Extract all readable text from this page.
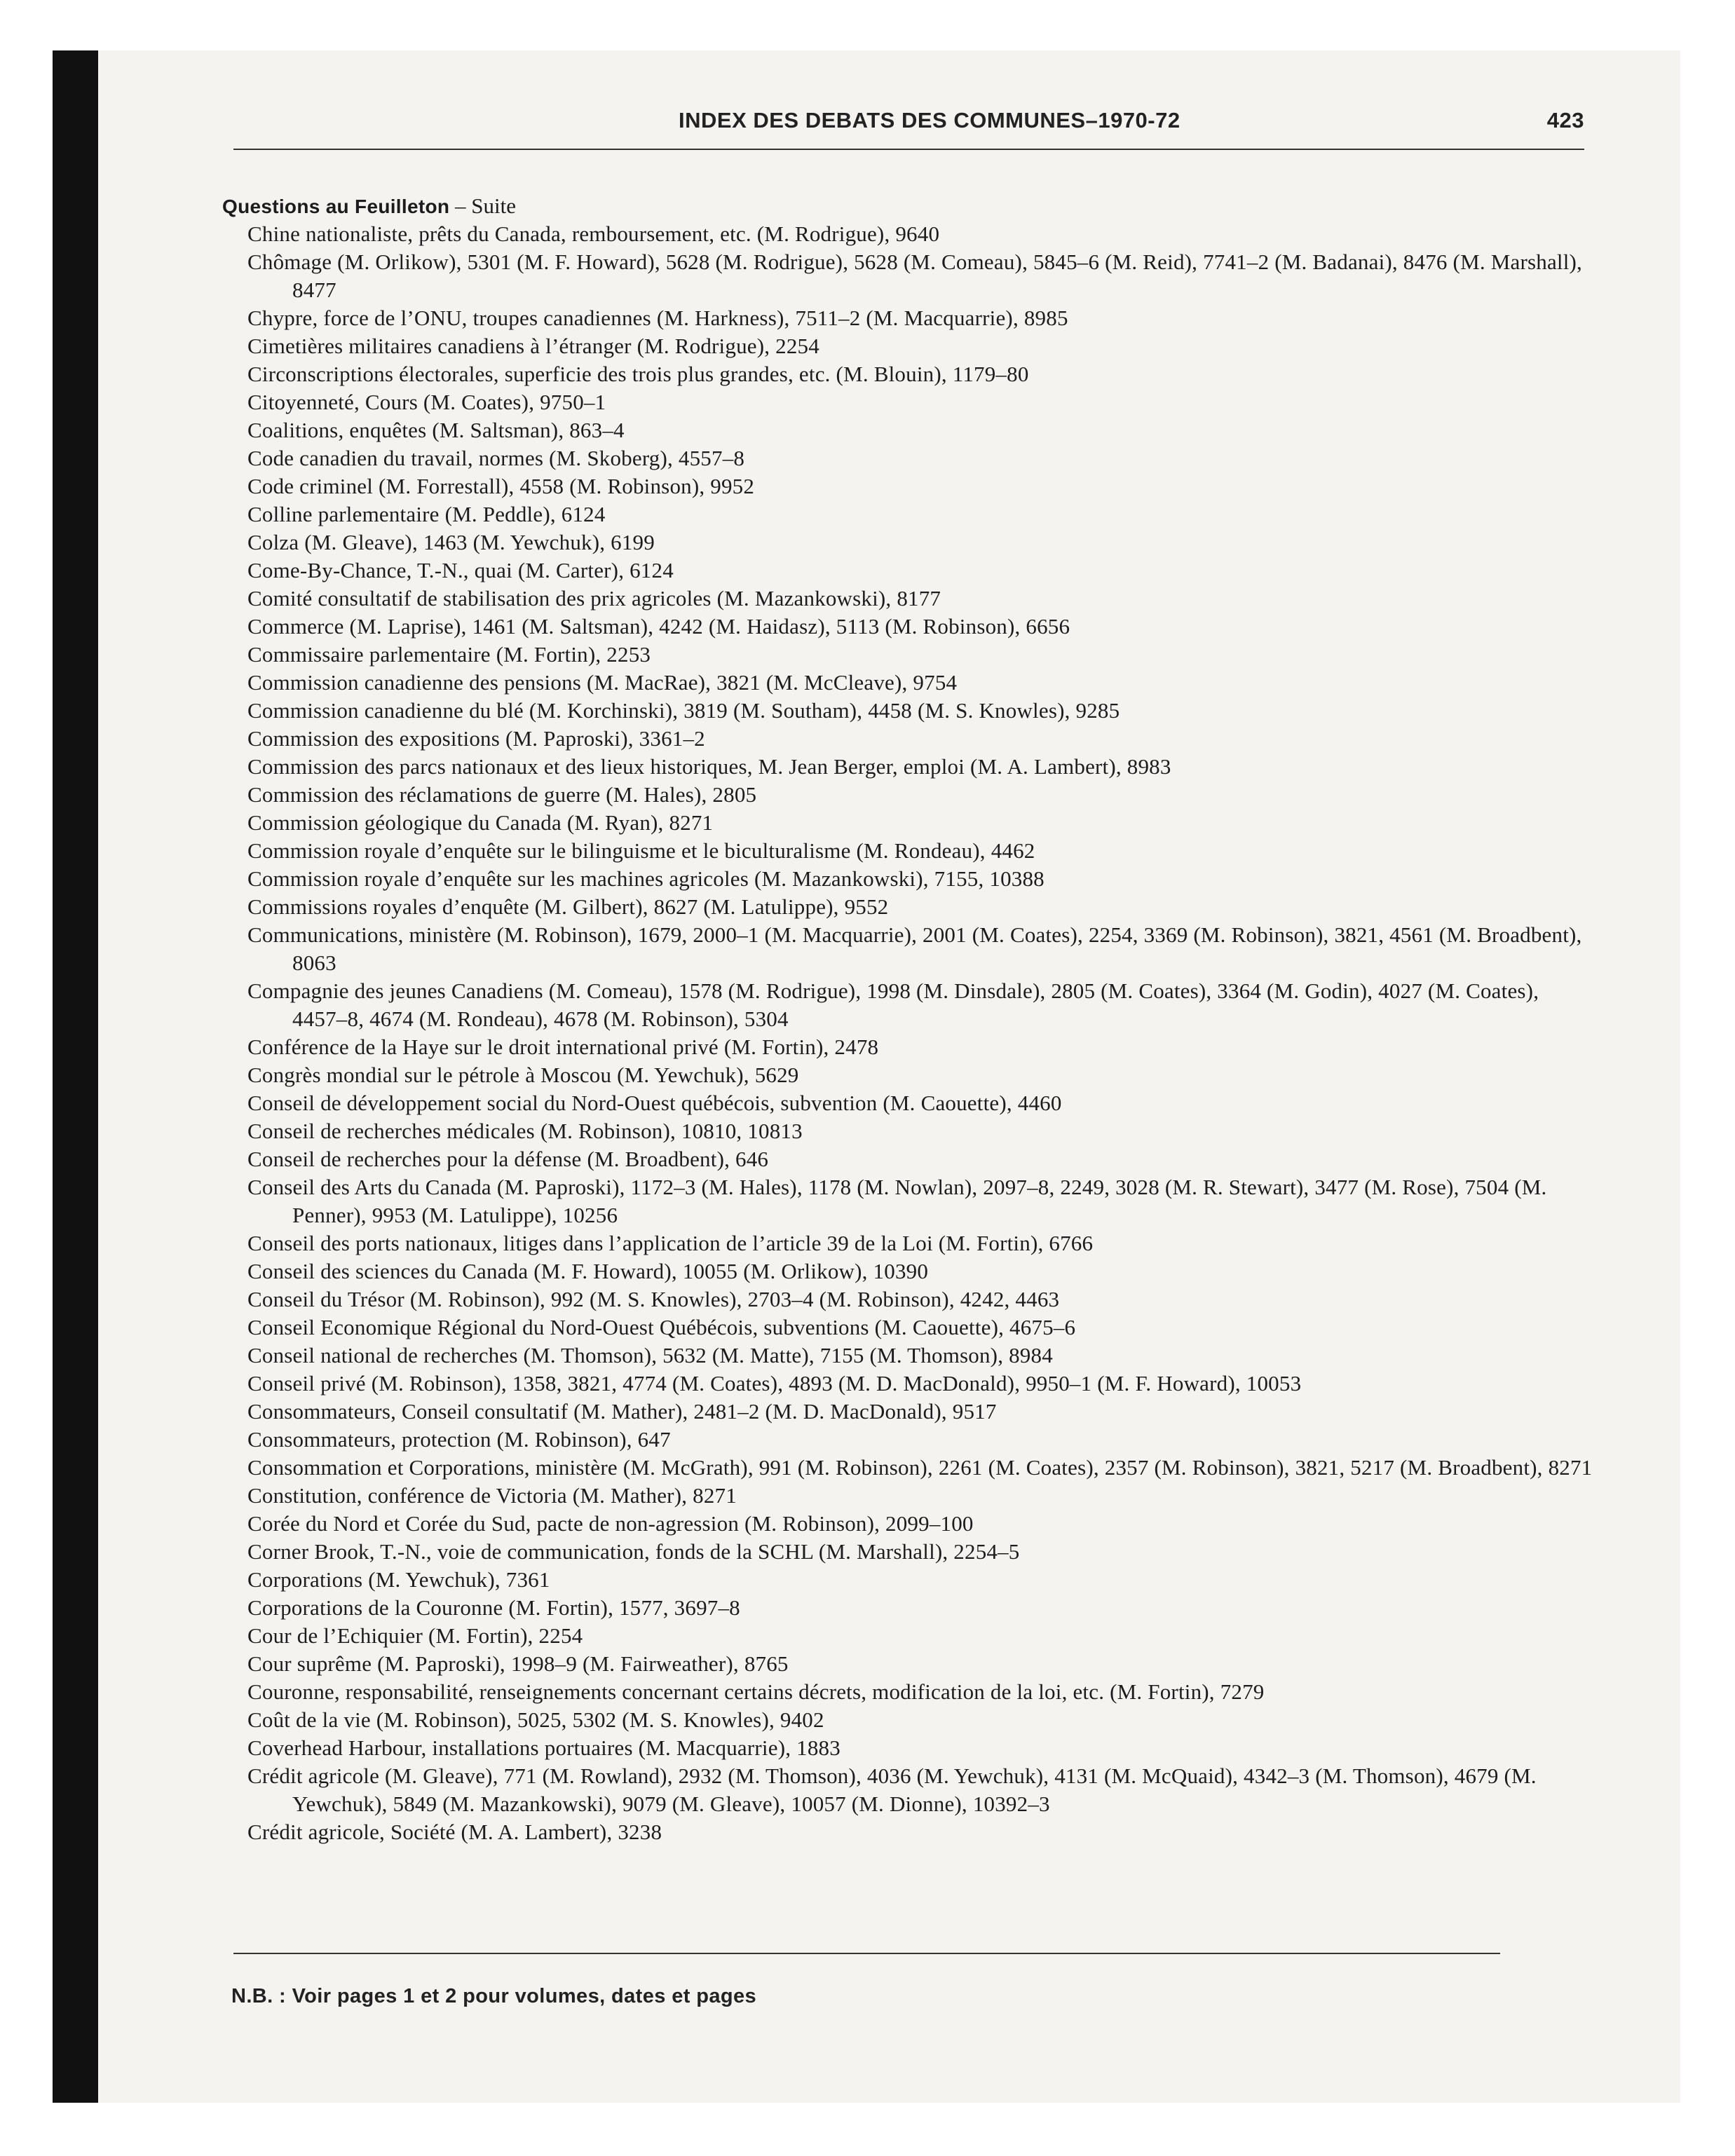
INDEX DES DEBATS DES COMMUNES–1970-72	423
Questions au Feuilleton – Suite
Chine nationaliste, prêts du Canada, remboursement, etc. (M. Rodrigue), 9640
Chômage (M. Orlikow), 5301 (M. F. Howard), 5628 (M. Rodrigue), 5628 (M. Comeau), 5845–6 (M. Reid), 7741–2 (M. Badanai), 8476 (M. Marshall), 8477
Chypre, force de l’ONU, troupes canadiennes (M. Harkness), 7511–2 (M. Macquarrie), 8985
Cimetières militaires canadiens à l’étranger (M. Rodrigue), 2254
Circonscriptions électorales, superficie des trois plus grandes, etc. (M. Blouin), 1179–80
Citoyenneté, Cours (M. Coates), 9750–1
Coalitions, enquêtes (M. Saltsman), 863–4
Code canadien du travail, normes (M. Skoberg), 4557–8
Code criminel (M. Forrestall), 4558 (M. Robinson), 9952
Colline parlementaire (M. Peddle), 6124
Colza (M. Gleave), 1463 (M. Yewchuk), 6199
Come-By-Chance, T.-N., quai (M. Carter), 6124
Comité consultatif de stabilisation des prix agricoles (M. Mazankowski), 8177
Commerce (M. Laprise), 1461 (M. Saltsman), 4242 (M. Haidasz), 5113 (M. Robinson), 6656
Commissaire parlementaire (M. Fortin), 2253
Commission canadienne des pensions (M. MacRae), 3821 (M. McCleave), 9754
Commission canadienne du blé (M. Korchinski), 3819 (M. Southam), 4458 (M. S. Knowles), 9285
Commission des expositions (M. Paproski), 3361–2
Commission des parcs nationaux et des lieux historiques, M. Jean Berger, emploi (M. A. Lambert), 8983
Commission des réclamations de guerre (M. Hales), 2805
Commission géologique du Canada (M. Ryan), 8271
Commission royale d’enquête sur le bilinguisme et le biculturalisme (M. Rondeau), 4462
Commission royale d’enquête sur les machines agricoles (M. Mazankowski), 7155, 10388
Commissions royales d’enquête (M. Gilbert), 8627 (M. Latulippe), 9552
Communications, ministère (M. Robinson), 1679, 2000–1 (M. Macquarrie), 2001 (M. Coates), 2254, 3369 (M. Robinson), 3821, 4561 (M. Broadbent), 8063
Compagnie des jeunes Canadiens (M. Comeau), 1578 (M. Rodrigue), 1998 (M. Dinsdale), 2805 (M. Coates), 3364 (M. Godin), 4027 (M. Coates), 4457–8, 4674 (M. Rondeau), 4678 (M. Robinson), 5304
Conférence de la Haye sur le droit international privé (M. Fortin), 2478
Congrès mondial sur le pétrole à Moscou (M. Yewchuk), 5629
Conseil de développement social du Nord-Ouest québécois, subvention (M. Caouette), 4460
Conseil de recherches médicales (M. Robinson), 10810, 10813
Conseil de recherches pour la défense (M. Broadbent), 646
Conseil des Arts du Canada (M. Paproski), 1172–3 (M. Hales), 1178 (M. Nowlan), 2097–8, 2249, 3028 (M. R. Stewart), 3477 (M. Rose), 7504 (M. Penner), 9953 (M. Latulippe), 10256
Conseil des ports nationaux, litiges dans l’application de l’article 39 de la Loi (M. Fortin), 6766
Conseil des sciences du Canada (M. F. Howard), 10055 (M. Orlikow), 10390
Conseil du Trésor (M. Robinson), 992 (M. S. Knowles), 2703–4 (M. Robinson), 4242, 4463
Conseil Economique Régional du Nord-Ouest Québécois, subventions (M. Caouette), 4675–6
Conseil national de recherches (M. Thomson), 5632 (M. Matte), 7155 (M. Thomson), 8984
Conseil privé (M. Robinson), 1358, 3821, 4774 (M. Coates), 4893 (M. D. MacDonald), 9950–1 (M. F. Howard), 10053
Consommateurs, Conseil consultatif (M. Mather), 2481–2 (M. D. MacDonald), 9517
Consommateurs, protection (M. Robinson), 647
Consommation et Corporations, ministère (M. McGrath), 991 (M. Robinson), 2261 (M. Coates), 2357 (M. Robinson), 3821, 5217 (M. Broadbent), 8271
Constitution, conférence de Victoria (M. Mather), 8271
Corée du Nord et Corée du Sud, pacte de non-agression (M. Robinson), 2099–100
Corner Brook, T.-N., voie de communication, fonds de la SCHL (M. Marshall), 2254–5
Corporations (M. Yewchuk), 7361
Corporations de la Couronne (M. Fortin), 1577, 3697–8
Cour de l’Echiquier (M. Fortin), 2254
Cour suprême (M. Paproski), 1998–9 (M. Fairweather), 8765
Couronne, responsabilité, renseignements concernant certains décrets, modification de la loi, etc. (M. Fortin), 7279
Coût de la vie (M. Robinson), 5025, 5302 (M. S. Knowles), 9402
Coverhead Harbour, installations portuaires (M. Macquarrie), 1883
Crédit agricole (M. Gleave), 771 (M. Rowland), 2932 (M. Thomson), 4036 (M. Yewchuk), 4131 (M. McQuaid), 4342–3 (M. Thomson), 4679 (M. Yewchuk), 5849 (M. Mazankowski), 9079 (M. Gleave), 10057 (M. Dionne), 10392–3
Crédit agricole, Société (M. A. Lambert), 3238
N.B. : Voir pages 1 et 2 pour volumes, dates et pages
